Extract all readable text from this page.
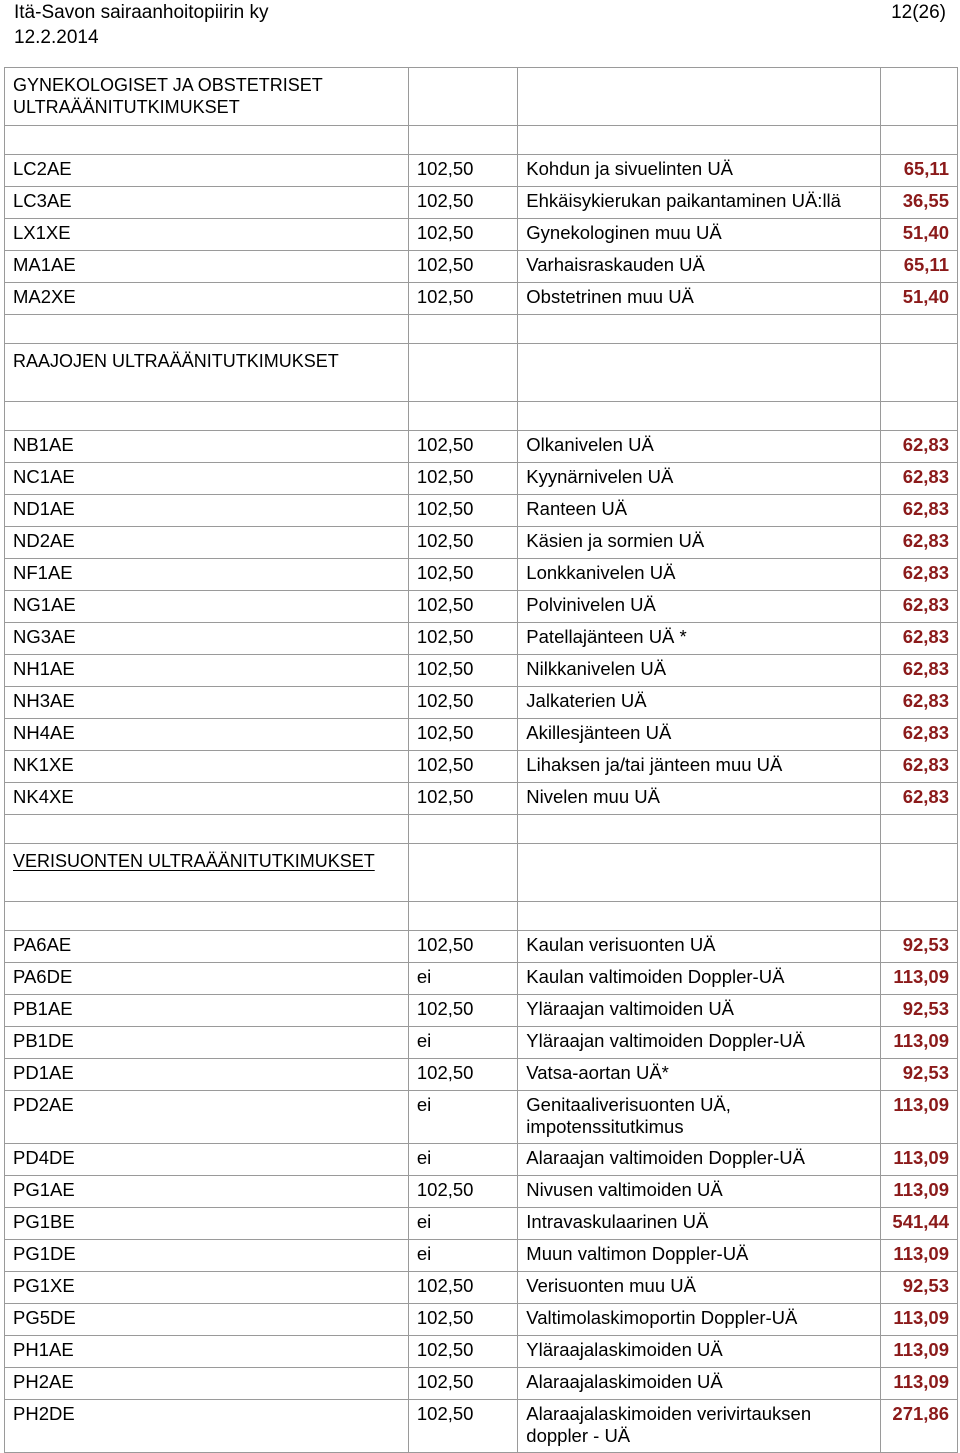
Itä-Savon sairaanhoitopiirin ky
12.2.2014
12(26)
GYNEKOLOGISET JA OBSTETRISET ULTRAÄÄNITUTKIMUKSET			

LC2AE	102,50	Kohdun ja sivuelinten UÄ	65,11
LC3AE	102,50	Ehkäisykierukan paikantaminen UÄ:llä	36,55
LX1XE	102,50	Gynekologinen muu UÄ	51,40
MA1AE	102,50	Varhaisraskauden UÄ	65,11
MA2XE	102,50	Obstetrinen muu UÄ	51,40

RAAJOJEN ULTRAÄÄNITUTKIMUKSET			

NB1AE	102,50	Olkanivelen UÄ	62,83
NC1AE	102,50	Kyynärnivelen UÄ	62,83
ND1AE	102,50	Ranteen UÄ	62,83
ND2AE	102,50	Käsien ja sormien UÄ	62,83
NF1AE	102,50	Lonkkanivelen UÄ	62,83
NG1AE	102,50	Polvinivelen UÄ	62,83
NG3AE	102,50	Patellajänteen UÄ *	62,83
NH1AE	102,50	Nilkkanivelen UÄ	62,83
NH3AE	102,50	Jalkaterien UÄ	62,83
NH4AE	102,50	Akillesjänteen UÄ	62,83
NK1XE	102,50	Lihaksen ja/tai jänteen muu UÄ	62,83
NK4XE	102,50	Nivelen muu UÄ	62,83

VERISUONTEN ULTRAÄÄNITUTKIMUKSET			

PA6AE	102,50	Kaulan verisuonten UÄ	92,53
PA6DE	ei	Kaulan valtimoiden Doppler-UÄ	113,09
PB1AE	102,50	Yläraajan valtimoiden UÄ	92,53
PB1DE	ei	Yläraajan valtimoiden Doppler-UÄ	113,09
PD1AE	102,50	Vatsa-aortan UÄ*	92,53
PD2AE	ei	Genitaaliverisuonten UÄ, impotenssitutkimus	113,09
PD4DE	ei	Alaraajan valtimoiden Doppler-UÄ	113,09
PG1AE	102,50	Nivusen valtimoiden UÄ	113,09
PG1BE	ei	Intravaskulaarinen UÄ	541,44
PG1DE	ei	Muun valtimon Doppler-UÄ	113,09
PG1XE	102,50	Verisuonten muu UÄ	92,53
PG5DE	102,50	Valtimolaskimoportin Doppler-UÄ	113,09
PH1AE	102,50	Yläraajalaskimoiden UÄ	113,09
PH2AE	102,50	Alaraajalaskimoiden UÄ	113,09
PH2DE	102,50	Alaraajalaskimoiden verivirtauksen doppler - UÄ	271,86
